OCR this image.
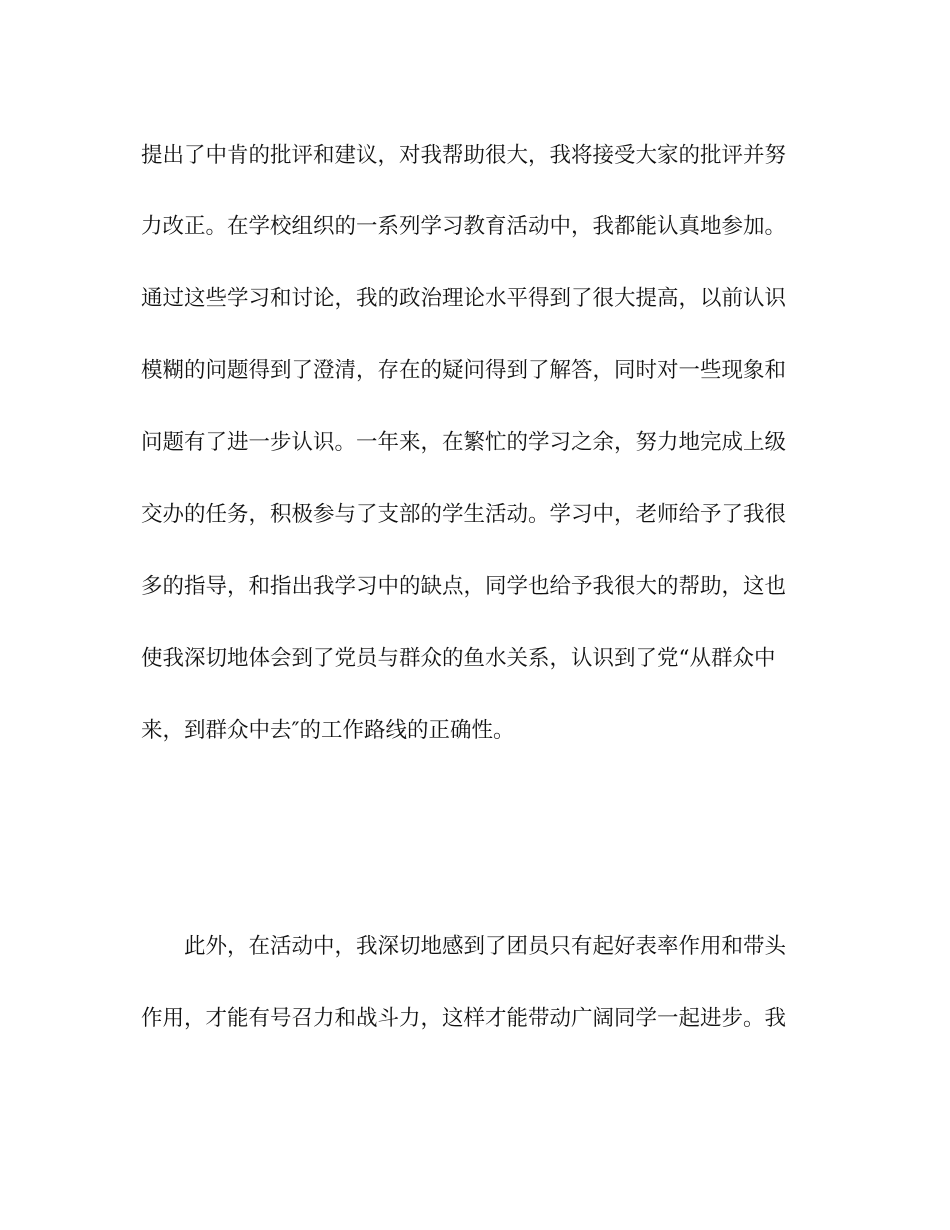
提出了中肯的批评和建议，对我帮助很大，我将接受大家的批评并努
力改正。在学校组织的一系列学习教育活动中，我都能认真地参加。
通过这些学习和讨论，我的政治理论水平得到了很大提高，以前认识
模糊的问题得到了澄清，存在的疑问得到了解答，同时对一些现象和
问题有了进一步认识。一年来，在繁忙的学习之余，努力地完成上级
交办的任务，积极参与了支部的学生活动。学习中，老师给予了我很
多的指导，和指出我学习中的缺点，同学也给予我很大的帮助，这也
使我深切地体会到了党员与群众的鱼水关系，认识到了党“从群众中
来，到群众中去″的工作路线的正确性。
　　此外，在活动中，我深切地感到了团员只有起好表率作用和带头
作用，才能有号召力和战斗力，这样才能带动广阔同学一起进步。我
